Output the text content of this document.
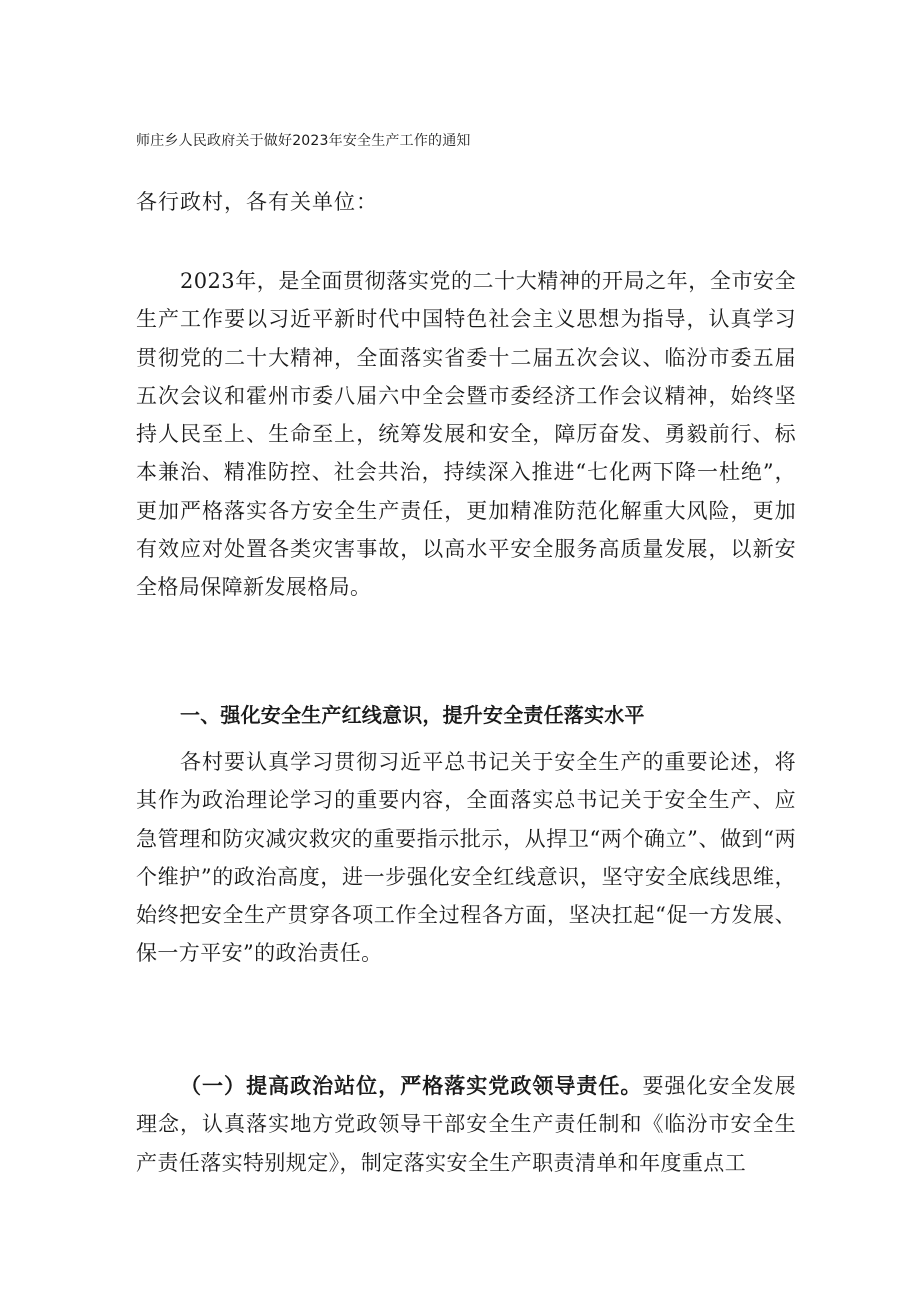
师庄乡人民政府关于做好2023年安全生产工作的通知
各行政村，各有关单位：
2023年，是全面贯彻落实党的二十大精神的开局之年，全市安全生产工作要以习近平新时代中国特色社会主义思想为指导，认真学习贯彻党的二十大精神，全面落实省委十二届五次会议、临汾市委五届五次会议和霍州市委八届六中全会暨市委经济工作会议精神，始终坚持人民至上、生命至上，统筹发展和安全，障厉奋发、勇毅前行、标本兼治、精准防控、社会共治，持续深入推进“七化两下降一杜绝”，更加严格落实各方安全生产责任，更加精准防范化解重大风险，更加有效应对处置各类灾害事故，以高水平安全服务高质量发展，以新安全格局保障新发展格局。
一、强化安全生产红线意识，提升安全责任落实水平
各村要认真学习贯彻习近平总书记关于安全生产的重要论述，将其作为政治理论学习的重要内容，全面落实总书记关于安全生产、应急管理和防灾减灾救灾的重要指示批示，从捍卫“两个确立”、做到“两个维护”的政治高度，进一步强化安全红线意识，坚守安全底线思维，始终把安全生产贯穿各项工作全过程各方面，坚决扛起“促一方发展、保一方平安”的政治责任。
（一）提高政治站位，严格落实党政领导责任。要强化安全发展理念，认真落实地方党政领导干部安全生产责任制和《临汾市安全生产责任落实特别规定》，制定落实安全生产职责清单和年度重点工
